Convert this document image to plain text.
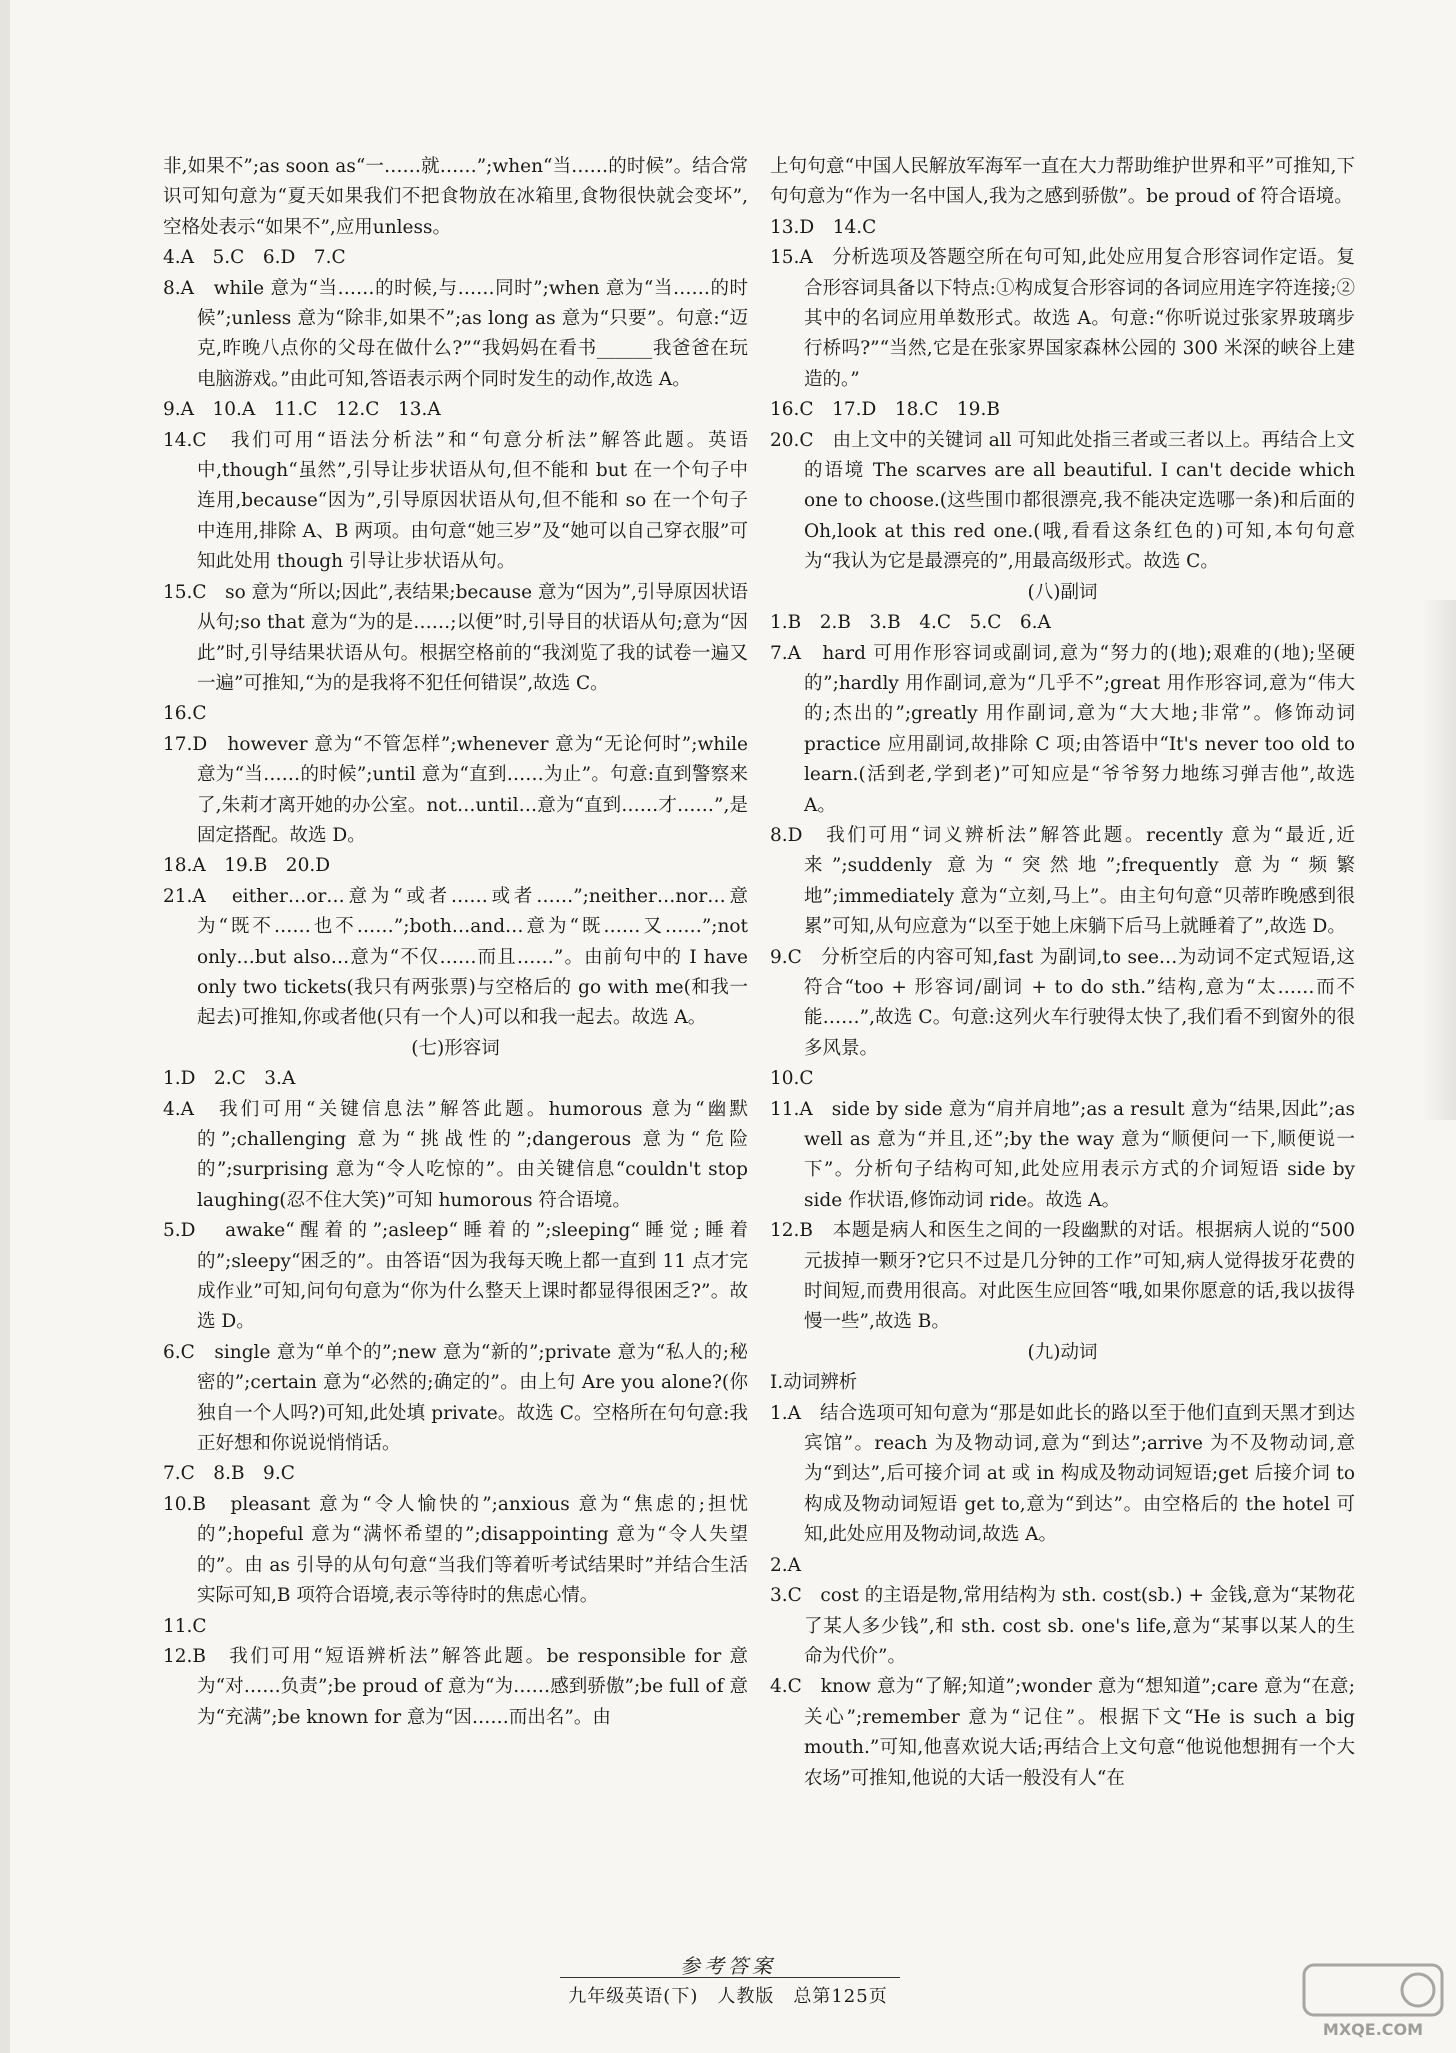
非,如果不”;as soon as“一……就……”;when“当……的时候”。结合常识可知句意为“夏天如果我们不把食物放在冰箱里,食物很快就会变坏”,空格处表示“如果不”,应用unless。

4.A　5.C　6.D　7.C

8.A　while 意为“当……的时候,与……同时”;when 意为“当……的时候”;unless 意为“除非,如果不”;as long as 意为“只要”。句意:“迈克,昨晚八点你的父母在做什么?”“我妈妈在看书______我爸爸在玩电脑游戏。”由此可知,答语表示两个同时发生的动作,故选 A。

9.A　10.A　11.C　12.C　13.A

14.C　我们可用“语法分析法”和“句意分析法”解答此题。英语中,though“虽然”,引导让步状语从句,但不能和 but 在一个句子中连用,because“因为”,引导原因状语从句,但不能和 so 在一个句子中连用,排除 A、B 两项。由句意“她三岁”及“她可以自己穿衣服”可知此处用 though 引导让步状语从句。

15.C　so 意为“所以;因此”,表结果;because 意为“因为”,引导原因状语从句;so that 意为“为的是……;以便”时,引导目的状语从句;意为“因此”时,引导结果状语从句。根据空格前的“我浏览了我的试卷一遍又一遍”可推知,“为的是我将不犯任何错误”,故选 C。

16.C

17.D　however 意为“不管怎样”;whenever 意为“无论何时”;while 意为“当……的时候”;until 意为“直到……为止”。句意:直到警察来了,朱莉才离开她的办公室。not…until…意为“直到……才……”,是固定搭配。故选 D。

18.A　19.B　20.D

21.A　either…or…意为“或者……或者……”;neither…nor…意为“既不……也不……”;both…and…意为“既……又……”;not only…but also…意为“不仅……而且……”。由前句中的 I have only two tickets(我只有两张票)与空格后的 go with me(和我一起去)可推知,你或者他(只有一个人)可以和我一起去。故选 A。

(七)形容词

1.D　2.C　3.A

4.A　我们可用“关键信息法”解答此题。humorous 意为“幽默的”;challenging 意为“挑战性的”;dangerous 意为“危险的”;surprising 意为“令人吃惊的”。由关键信息“couldn't stop laughing(忍不住大笑)”可知 humorous 符合语境。

5.D　awake“醒着的”;asleep“睡着的”;sleeping“睡觉;睡着的”;sleepy“困乏的”。由答语“因为我每天晚上都一直到 11 点才完成作业”可知,问句句意为“你为什么整天上课时都显得很困乏?”。故选 D。

6.C　single 意为“单个的”;new 意为“新的”;private 意为“私人的;秘密的”;certain 意为“必然的;确定的”。由上句 Are you alone?(你独自一个人吗?)可知,此处填 private。故选 C。空格所在句句意:我正好想和你说说悄悄话。

7.C　8.B　9.C

10.B　pleasant 意为“令人愉快的”;anxious 意为“焦虑的;担忧的”;hopeful 意为“满怀希望的”;disappointing 意为“令人失望的”。由 as 引导的从句句意“当我们等着听考试结果时”并结合生活实际可知,B 项符合语境,表示等待时的焦虑心情。

11.C

12.B　我们可用“短语辨析法”解答此题。be responsible for 意为“对……负责”;be proud of 意为“为……感到骄傲”;be full of 意为“充满”;be known for 意为“因……而出名”。由

上句句意“中国人民解放军海军一直在大力帮助维护世界和平”可推知,下句句意为“作为一名中国人,我为之感到骄傲”。be proud of 符合语境。

13.D　14.C

15.A　分析选项及答题空所在句可知,此处应用复合形容词作定语。复合形容词具备以下特点:①构成复合形容词的各词应用连字符连接;②其中的名词应用单数形式。故选 A。句意:“你听说过张家界玻璃步行桥吗?”“当然,它是在张家界国家森林公园的 300 米深的峡谷上建造的。”

16.C　17.D　18.C　19.B

20.C　由上文中的关键词 all 可知此处指三者或三者以上。再结合上文的语境 The scarves are all beautiful. I can't decide which one to choose.(这些围巾都很漂亮,我不能决定选哪一条)和后面的 Oh,look at this red one.(哦,看看这条红色的)可知,本句句意为“我认为它是最漂亮的”,用最高级形式。故选 C。

(八)副词

1.B　2.B　3.B　4.C　5.C　6.A

7.A　hard 可用作形容词或副词,意为“努力的(地);艰难的(地);坚硬的”;hardly 用作副词,意为“几乎不”;great 用作形容词,意为“伟大的;杰出的”;greatly 用作副词,意为“大大地;非常”。修饰动词 practice 应用副词,故排除 C 项;由答语中“It's never too old to learn.(活到老,学到老)”可知应是“爷爷努力地练习弹吉他”,故选 A。

8.D　我们可用“词义辨析法”解答此题。recently 意为“最近,近来”;suddenly 意为“突然地”;frequently 意为“频繁地”;immediately 意为“立刻,马上”。由主句句意“贝蒂昨晚感到很累”可知,从句应意为“以至于她上床躺下后马上就睡着了”,故选 D。

9.C　分析空后的内容可知,fast 为副词,to see…为动词不定式短语,这符合“too + 形容词/副词 + to do sth.”结构,意为“太……而不能……”,故选 C。句意:这列火车行驶得太快了,我们看不到窗外的很多风景。

10.C

11.A　side by side 意为“肩并肩地”;as a result 意为“结果,因此”;as well as 意为“并且,还”;by the way 意为“顺便问一下,顺便说一下”。分析句子结构可知,此处应用表示方式的介词短语 side by side 作状语,修饰动词 ride。故选 A。

12.B　本题是病人和医生之间的一段幽默的对话。根据病人说的“500 元拔掉一颗牙?它只不过是几分钟的工作”可知,病人觉得拔牙花费的时间短,而费用很高。对此医生应回答“哦,如果你愿意的话,我以拔得慢一些”,故选 B。

(九)动词

Ⅰ.动词辨析

1.A　结合选项可知句意为“那是如此长的路以至于他们直到天黑才到达宾馆”。reach 为及物动词,意为“到达”;arrive 为不及物动词,意为“到达”,后可接介词 at 或 in 构成及物动词短语;get 后接介词 to 构成及物动词短语 get to,意为“到达”。由空格后的 the hotel 可知,此处应用及物动词,故选 A。

2.A

3.C　cost 的主语是物,常用结构为 sth. cost(sb.) + 金钱,意为“某物花了某人多少钱”,和 sth. cost sb. one's life,意为“某事以某人的生命为代价”。

4.C　know 意为“了解;知道”;wonder 意为“想知道”;care 意为“在意;关心”;remember 意为“记住”。根据下文“He is such a big mouth.”可知,他喜欢说大话;再结合上文句意“他说他想拥有一个大农场”可推知,他说的大话一般没有人“在

参考答案
九年级英语(下)　人教版　总第125页
MXQE.COM
